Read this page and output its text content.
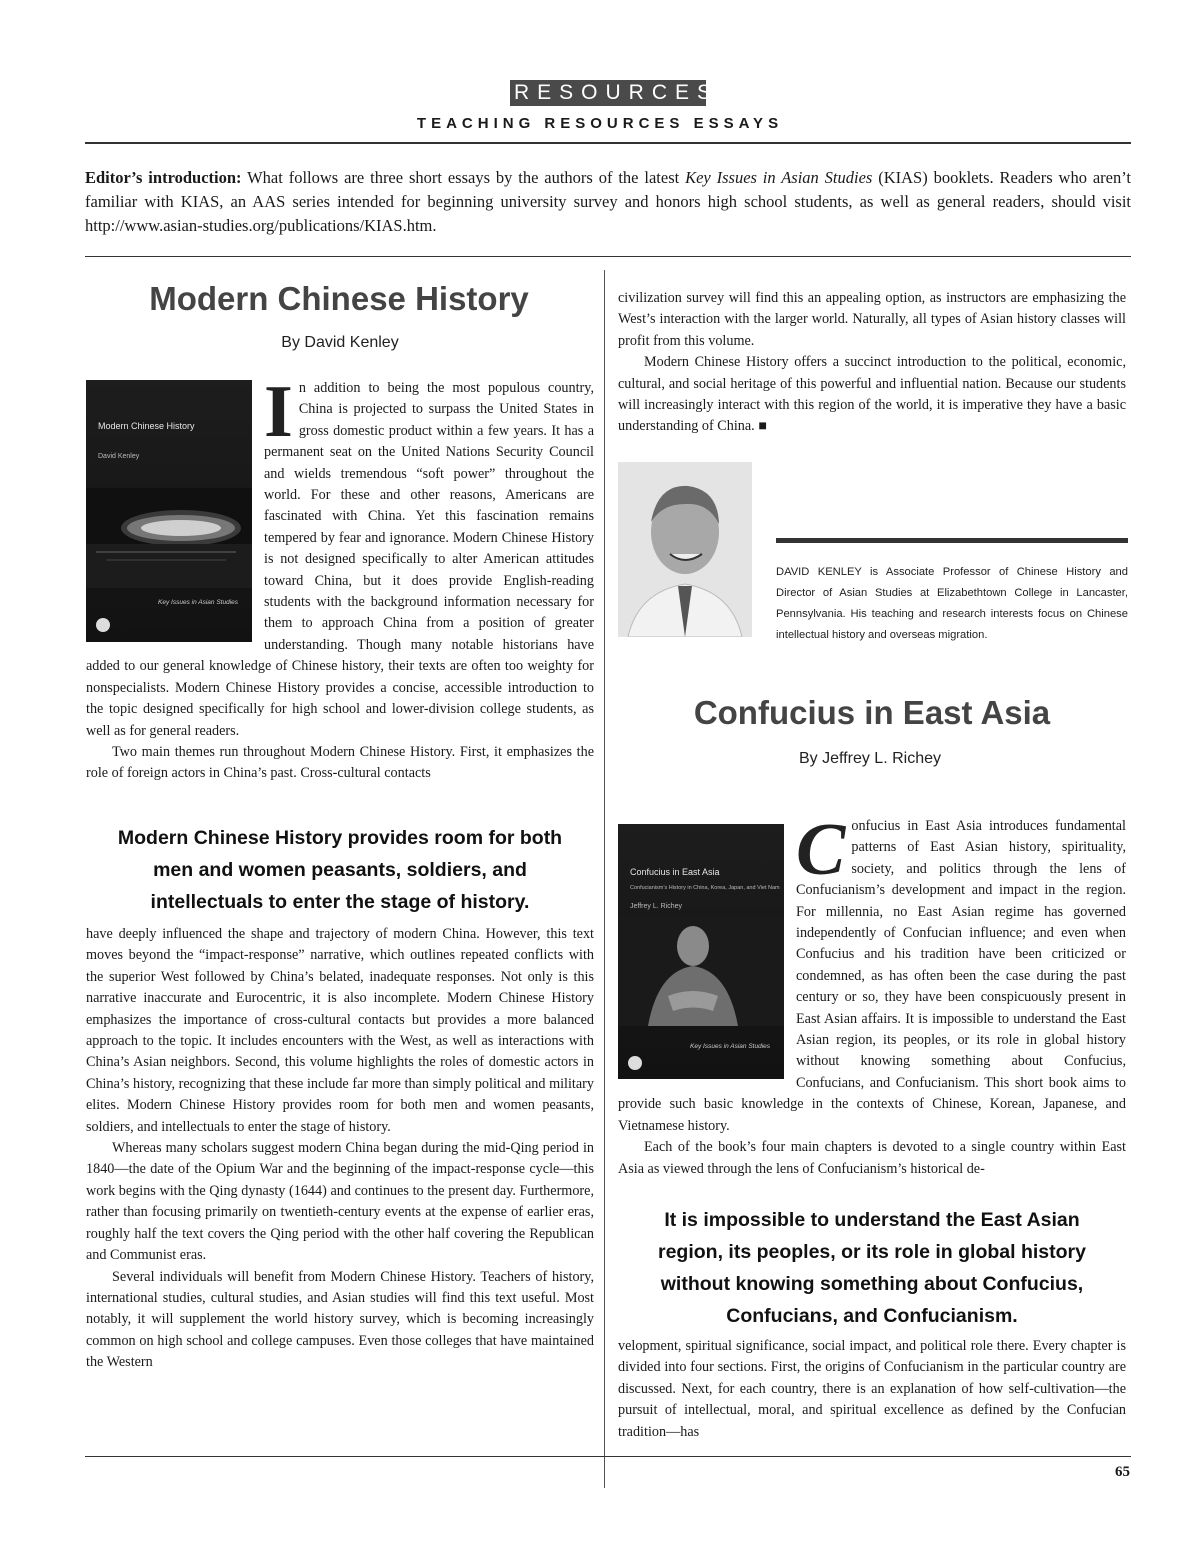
RESOURCES
TEACHING RESOURCES ESSAYS
Editor’s introduction: What follows are three short essays by the authors of the latest Key Issues in Asian Studies (KIAS) booklets. Readers who aren’t familiar with KIAS, an AAS series intended for beginning university survey and honors high school students, as well as general readers, should visit http://www.asian-studies.org/publications/KIAS.htm.
Modern Chinese History
By David Kenley
Modern Chinese History
David Kenley
Key Issues in Asian Studies

In addition to being the most populous country, China is projected to surpass the United States in gross domestic product within a few years. It has a permanent seat on the United Nations Security Council and wields tremendous “soft power” throughout the world. For these and other reasons, Americans are fascinated with China. Yet this fascination remains tempered by fear and ignorance. Modern Chinese History is not designed specifically to alter American attitudes toward China, but it does provide English-reading students with the background information necessary for them to approach China from a position of greater understanding. Though many notable historians have added to our general knowledge of Chinese history, their texts are often too weighty for nonspecialists. Modern Chinese History provides a concise, accessible introduction to the topic designed specifically for high school and lower-division college students, as well as for general readers.

Two main themes run throughout Modern Chinese History. First, it emphasizes the role of foreign actors in China’s past. Cross-cultural contacts

Modern Chinese History provides room for both men and women peasants, soldiers, and intellectuals to enter the stage of history.

have deeply influenced the shape and trajectory of modern China. However, this text moves beyond the “impact-response” narrative, which outlines repeated conflicts with the superior West followed by China’s belated, inadequate responses. Not only is this narrative inaccurate and Eurocentric, it is also incomplete. Modern Chinese History emphasizes the importance of cross-cultural contacts but provides a more balanced approach to the topic. It includes encounters with the West, as well as interactions with China’s Asian neighbors. Second, this volume highlights the roles of domestic actors in China’s history, recognizing that these include far more than simply political and military elites. Modern Chinese History provides room for both men and women peasants, soldiers, and intellectuals to enter the stage of history.

Whereas many scholars suggest modern China began during the mid-Qing period in 1840—the date of the Opium War and the beginning of the impact-response cycle—this work begins with the Qing dynasty (1644) and continues to the present day. Furthermore, rather than focusing primarily on twentieth-century events at the expense of earlier eras, roughly half the text covers the Qing period with the other half covering the Republican and Communist eras.

Several individuals will benefit from Modern Chinese History. Teachers of history, international studies, cultural studies, and Asian studies will find this text useful. Most notably, it will supplement the world history survey, which is becoming increasingly common on high school and college campuses. Even those colleges that have maintained the Western

civilization survey will find this an appealing option, as instructors are emphasizing the West’s interaction with the larger world. Naturally, all types of Asian history classes will profit from this volume.

Modern Chinese History offers a succinct introduction to the political, economic, cultural, and social heritage of this powerful and influential nation. Because our students will increasingly interact with this region of the world, it is imperative they have a basic understanding of China. ■

DAVID KENLEY is Associate Professor of Chinese History and Director of Asian Studies at Elizabethtown College in Lancaster, Pennsylvania. His teaching and research interests focus on Chinese intellectual history and overseas migration.
Confucius in East Asia
By Jeffrey L. Richey
Confucius in East Asia
Confucianism’s History in China, Korea, Japan, and Viet Nam
Jeffrey L. Richey
Key Issues in Asian Studies

Confucius in East Asia introduces fundamental patterns of East Asian history, spirituality, society, and politics through the lens of Confucianism’s development and impact in the region. For millennia, no East Asian regime has governed independently of Confucian influence; and even when Confucius and his tradition have been criticized or condemned, as has often been the case during the past century or so, they have been conspicuously present in East Asian affairs. It is impossible to understand the East Asian region, its peoples, or its role in global history without knowing something about Confucius, Confucians, and Confucianism. This short book aims to provide such basic knowledge in the contexts of Chinese, Korean, Japanese, and Vietnamese history.

Each of the book’s four main chapters is devoted to a single country within East Asia as viewed through the lens of Confucianism’s historical de-

It is impossible to understand the East Asian region, its peoples, or its role in global history without knowing something about Confucius, Confucians, and Confucianism.

velopment, spiritual significance, social impact, and political role there. Every chapter is divided into four sections. First, the origins of Confucianism in the particular country are discussed. Next, for each country, there is an explanation of how self-cultivation—the pursuit of intellectual, moral, and spiritual excellence as defined by the Confucian tradition—has

65
